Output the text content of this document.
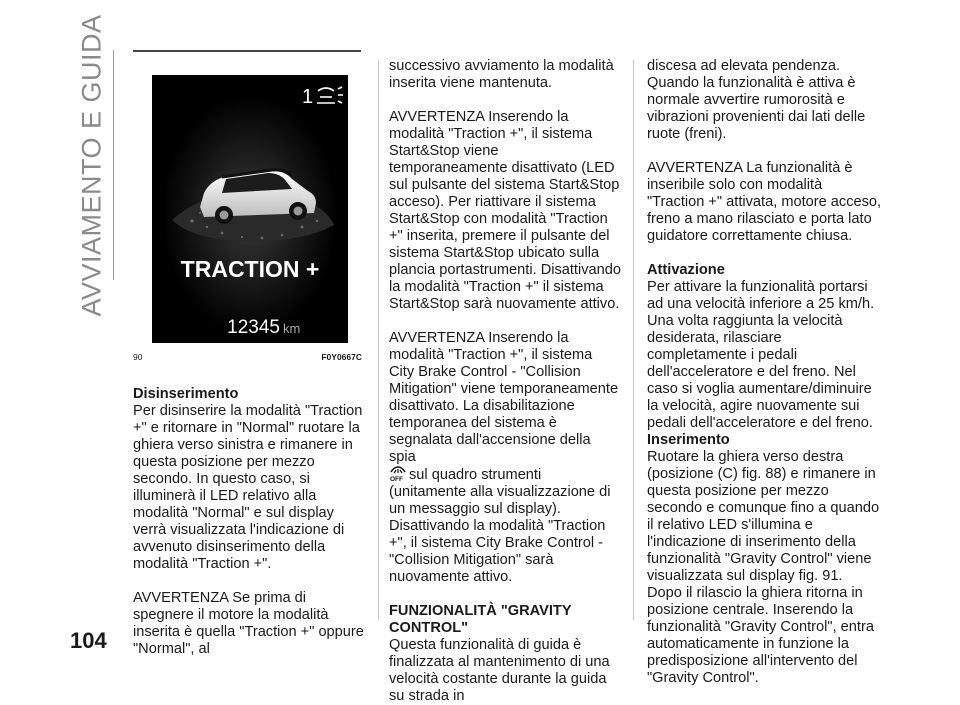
AVVIAMENTO E GUIDA
104
1
TRACTION +
12345 km
90	F0Y0667C

Disinserimento

Per disinserire la modalità "Traction +" e ritornare in "Normal" ruotare la ghiera verso sinistra e rimanere in questa posizione per mezzo secondo. In questo caso, si illuminerà il LED relativo alla modalità "Normal" e sul display verrà visualizzata l'indicazione di avvenuto disinserimento della modalità "Traction +".

AVVERTENZA Se prima di spegnere il motore la modalità inserita è quella "Traction +" oppure "Normal", al

successivo avviamento la modalità inserita viene mantenuta.

AVVERTENZA Inserendo la modalità "Traction +", il sistema Start&Stop viene temporaneamente disattivato (LED sul pulsante del sistema Start&Stop acceso). Per riattivare il sistema Start&Stop con modalità "Traction +" inserita, premere il pulsante del sistema Start&Stop ubicato sulla plancia portastrumenti. Disattivando la modalità "Traction +" il sistema Start&Stop sarà nuovamente attivo.

AVVERTENZA Inserendo la modalità "Traction +", il sistema City Brake Control - "Collision Mitigation" viene temporaneamente disattivato. La disabilitazione temporanea del sistema è segnalata dall'accensione della spia

OFF sul quadro strumenti (unitamente alla visualizzazione di un messaggio sul display). Disattivando la modalità "Traction +", il sistema City Brake Control - "Collision Mitigation" sarà nuovamente attivo.

FUNZIONALITÀ "GRAVITY CONTROL"

Questa funzionalità di guida è finalizzata al mantenimento di una velocità costante durante la guida su strada in

discesa ad elevata pendenza. Quando la funzionalità è attiva è normale avvertire rumorosità e vibrazioni provenienti dai lati delle ruote (freni).

AVVERTENZA La funzionalità è inseribile solo con modalità "Traction +" attivata, motore acceso, freno a mano rilasciato e porta lato guidatore correttamente chiusa.

Attivazione

Per attivare la funzionalità portarsi ad una velocità inferiore a 25 km/h. Una volta raggiunta la velocità desiderata, rilasciare completamente i pedali dell'acceleratore e del freno. Nel caso si voglia aumentare/diminuire la velocità, agire nuovamente sui pedali dell'acceleratore e del freno.

Inserimento

Ruotare la ghiera verso destra (posizione (C) fig. 88) e rimanere in questa posizione per mezzo secondo e comunque fino a quando il relativo LED s'illumina e l'indicazione di inserimento della funzionalità "Gravity Control" viene visualizzata sul display fig. 91.

Dopo il rilascio la ghiera ritorna in posizione centrale. Inserendo la funzionalità "Gravity Control", entra automaticamente in funzione la predisposizione all'intervento del "Gravity Control".
